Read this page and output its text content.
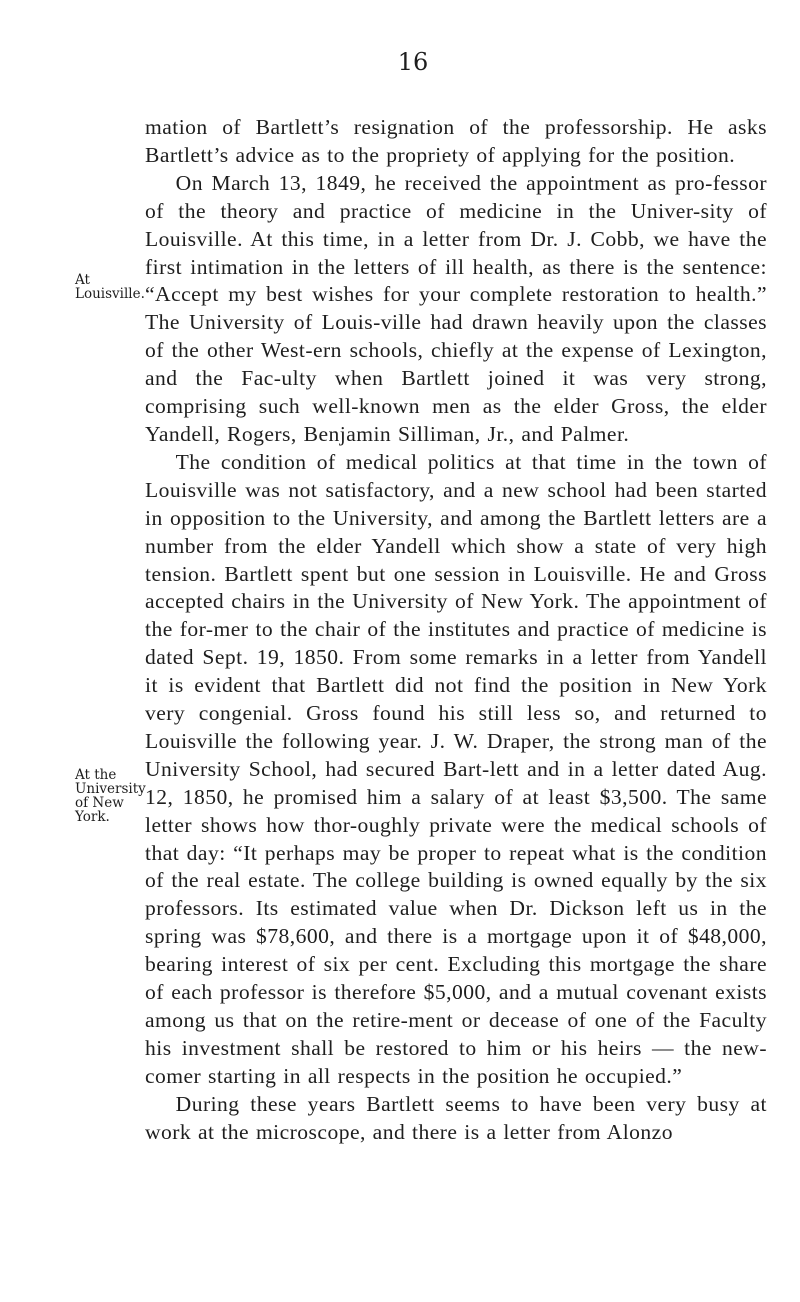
16
At Louisville.
At the University of New York.

mation of Bartlett’s resignation of the professorship. He asks Bartlett’s advice as to the propriety of applying for the position.

On March 13, 1849, he received the appointment as pro-fessor of the theory and practice of medicine in the Univer-sity of Louisville. At this time, in a letter from Dr. J. Cobb, we have the first intimation in the letters of ill health, as there is the sentence: “Accept my best wishes for your complete restoration to health.” The University of Louis-ville had drawn heavily upon the classes of the other West-ern schools, chiefly at the expense of Lexington, and the Fac-ulty when Bartlett joined it was very strong, comprising such well-known men as the elder Gross, the elder Yandell, Rogers, Benjamin Silliman, Jr., and Palmer.

The condition of medical politics at that time in the town of Louisville was not satisfactory, and a new school had been started in opposition to the University, and among the Bartlett letters are a number from the elder Yandell which show a state of very high tension. Bartlett spent but one session in Louisville. He and Gross accepted chairs in the University of New York. The appointment of the for-mer to the chair of the institutes and practice of medicine is dated Sept. 19, 1850. From some remarks in a letter from Yandell it is evident that Bartlett did not find the position in New York very congenial. Gross found his still less so, and returned to Louisville the following year. J. W. Draper, the strong man of the University School, had secured Bart-lett and in a letter dated Aug. 12, 1850, he promised him a salary of at least $3,500. The same letter shows how thor-oughly private were the medical schools of that day: “It perhaps may be proper to repeat what is the condition of the real estate. The college building is owned equally by the six professors. Its estimated value when Dr. Dickson left us in the spring was $78,600, and there is a mortgage upon it of $48,000, bearing interest of six per cent. Excluding this mortgage the share of each professor is therefore $5,000, and a mutual covenant exists among us that on the retire-ment or decease of one of the Faculty his investment shall be restored to him or his heirs — the new-comer starting in all respects in the position he occupied.”

During these years Bartlett seems to have been very busy at work at the microscope, and there is a letter from Alonzo
